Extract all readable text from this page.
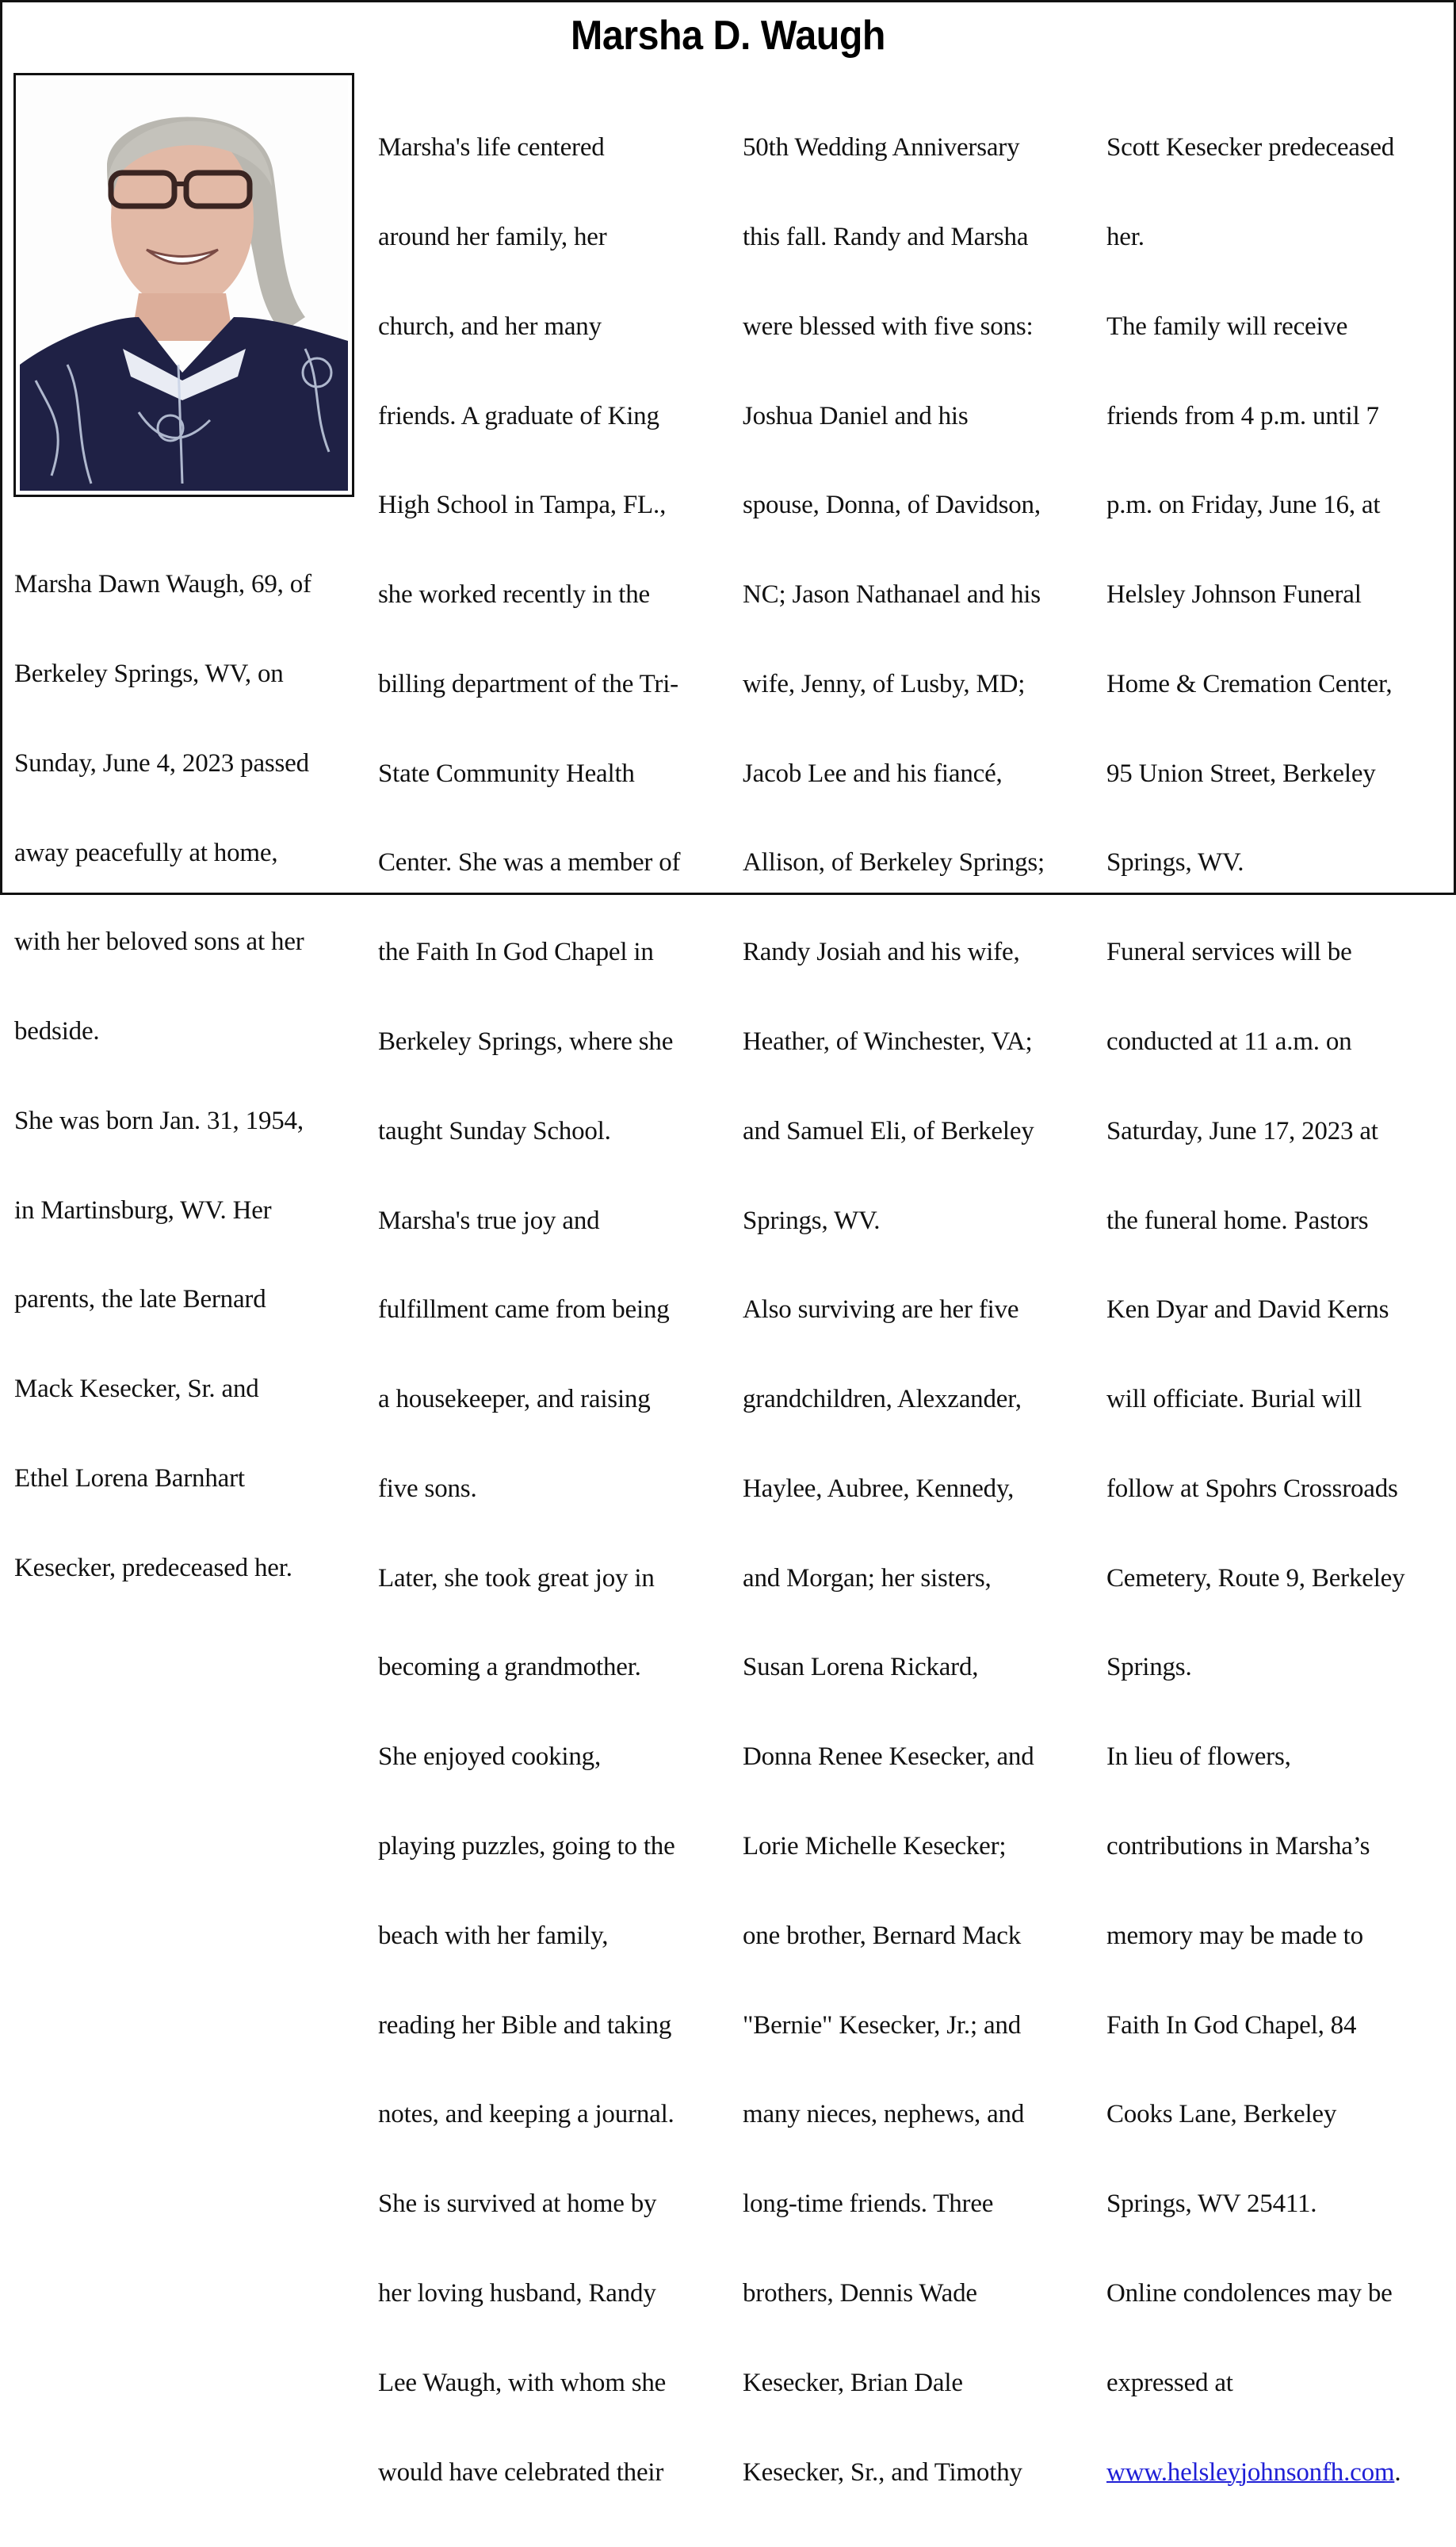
Marsha D. Waugh

Marsha Dawn Waugh, 69, of

Berkeley Springs, WV, on

Sunday, June 4, 2023 passed

away peacefully at home,

with her beloved sons at her

bedside.

She was born Jan. 31, 1954,

in Martinsburg, WV. Her

parents, the late Bernard

Mack Kesecker, Sr. and

Ethel Lorena Barnhart

Kesecker, predeceased her.

Marsha's life centered

around her family, her

church, and her many

friends. A graduate of King

High School in Tampa, FL.,

she worked recently in the

billing department of the Tri-

State Community Health

Center. She was a member of

the Faith In God Chapel in

Berkeley Springs, where she

taught Sunday School.

Marsha's true joy and

fulfillment came from being

a housekeeper, and raising

five sons.

Later, she took great joy in

becoming a grandmother.

She enjoyed cooking,

playing puzzles, going to the

beach with her family,

reading her Bible and taking

notes, and keeping a journal.

She is survived at home by

her loving husband, Randy

Lee Waugh, with whom she

would have celebrated their

50th Wedding Anniversary

this fall. Randy and Marsha

were blessed with five sons:

Joshua Daniel and his

spouse, Donna, of Davidson,

NC; Jason Nathanael and his

wife, Jenny, of Lusby, MD;

Jacob Lee and his fiancé,

Allison, of Berkeley Springs;

Randy Josiah and his wife,

Heather, of Winchester, VA;

and Samuel Eli, of Berkeley

Springs, WV.

Also surviving are her five

grandchildren, Alexzander,

Haylee, Aubree, Kennedy,

and Morgan; her sisters,

Susan Lorena Rickard,

Donna Renee Kesecker, and

Lorie Michelle Kesecker;

one brother, Bernard Mack

"Bernie" Kesecker, Jr.; and

many nieces, nephews, and

long-time friends. Three

brothers, Dennis Wade

Kesecker, Brian Dale

Kesecker, Sr., and Timothy

Scott Kesecker predeceased

her.

The family will receive

friends from 4 p.m. until 7

p.m. on Friday, June 16, at

Helsley Johnson Funeral

Home & Cremation Center,

95 Union Street, Berkeley

Springs, WV.

Funeral services will be

conducted at 11 a.m. on

Saturday, June 17, 2023 at

the funeral home. Pastors

Ken Dyar and David Kerns

will officiate. Burial will

follow at Spohrs Crossroads

Cemetery, Route 9, Berkeley

Springs.

In lieu of flowers,

contributions in Marsha’s

memory may be made to

Faith In God Chapel, 84

Cooks Lane, Berkeley

Springs, WV 25411.

Online condolences may be

expressed at

www.helsleyjohnsonfh.com.
